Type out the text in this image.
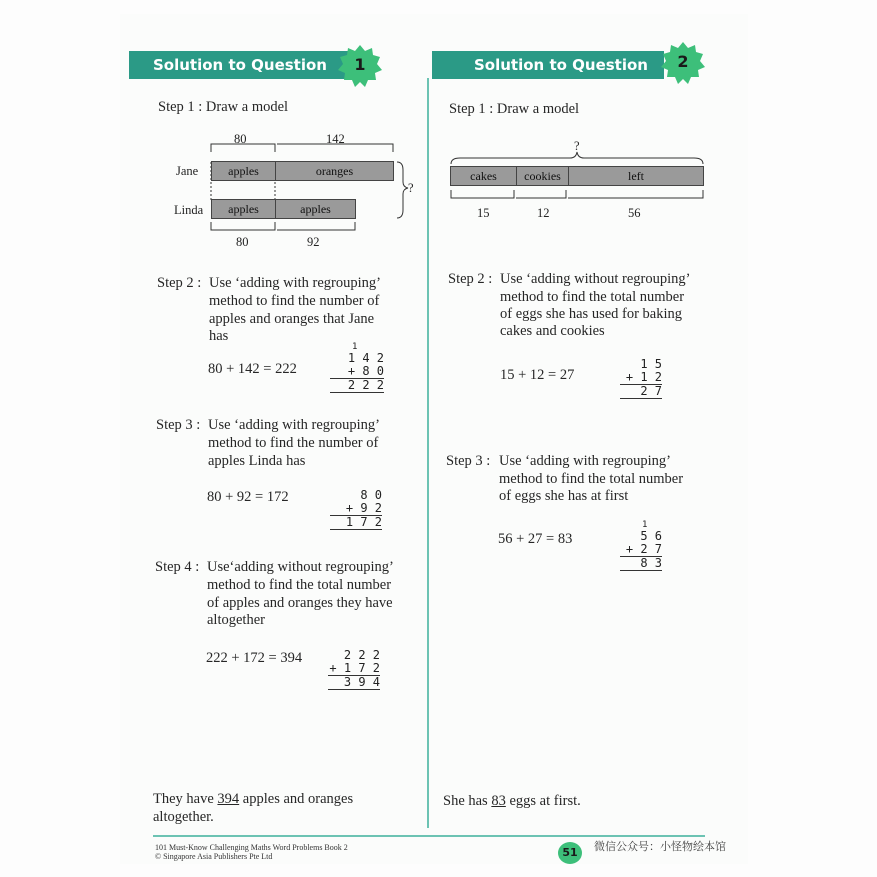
Solution to Question	1	Solution to Question	2
Step 1 : Draw a model
80	142
Jane
Linda
apples	oranges
apples	apples
?
80	92
Step 2 : Use ‘adding with regrouping’
method to find the number of
apples and oranges that Jane
has
80 + 142 = 222
1
1 4 2
+ 8 0
2 2 2
Step 3 : Use ‘adding with regrouping’
method to find the number of
apples Linda has
80 + 92 = 172	8 0
+ 9 2
1 7 2
Step 4 : Use‘adding without regrouping’
method to find the total number
of apples and oranges they have
altogether
222 + 172 = 394	2 2 2
+ 1 7 2
3 9 4
They have 394 apples and oranges
altogether.
Step 1 : Draw a model
?
cakes	cookies	left
15	12	56
Step 2 : Use ‘adding without regrouping’
method to find the total number
of eggs she has used for baking
cakes and cookies
15 + 12 = 27
1 5
+ 1 2
2 7
Step 3 : Use ‘adding with regrouping’
method to find the total number
of eggs she has at first
56 + 27 = 83
1
5 6
+ 2 7
8 3
She has 83 eggs at first.
101 Must-Know Challenging Maths Word Problems Book 2
© Singapore Asia Publishers Pte Ltd	51	微信公众号：小怪物绘本馆
